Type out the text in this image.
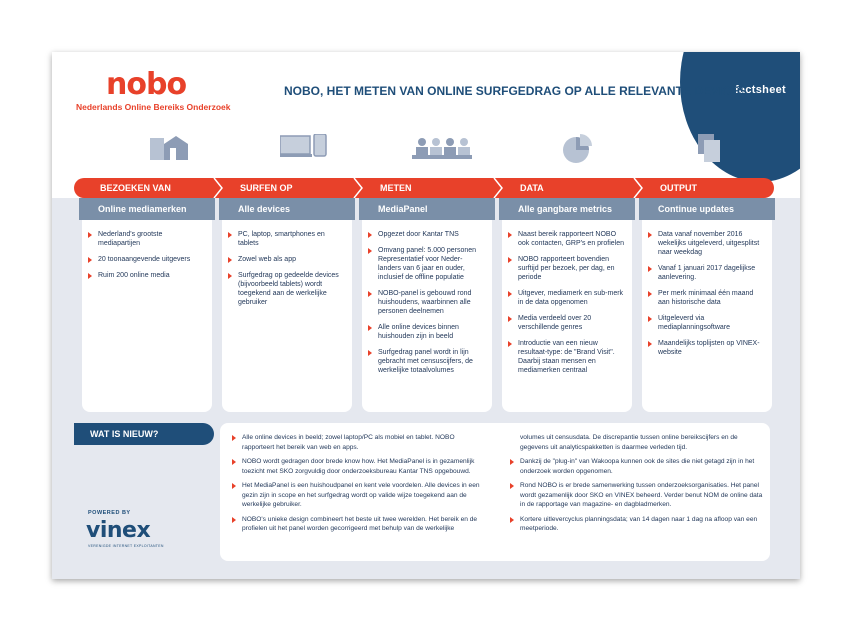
factsheet
nobo
Nederlands Online Bereiks Onderzoek
NOBO, HET METEN VAN ONLINE SURFGEDRAG OP ALLE RELEVANTE DEVICES
BEZOEKEN VAN	SURFEN OP	METEN	DATA	OUTPUT
Online mediamerken
Nederland's grootste mediapartijen
20 toonaangevende uitgevers
Ruim 200 online media
Alle devices
PC, laptop, smartphones en tablets
Zowel web als app
Surfgedrag op gedeelde devices (bijvoorbeeld tablets) wordt toegekend aan de werkelijke gebruiker
MediaPanel
Opgezet door Kantar TNS
Omvang panel: 5.000 personen Representatief voor Neder-landers van 6 jaar en ouder, inclusief de offline populatie
NOBO-panel is gebouwd rond huishoudens, waarbinnen alle personen deelnemen
Alle online devices binnen huishouden zijn in beeld
Surfgedrag panel wordt in lijn gebracht met censuscijfers, de werkelijke totaalvolumes
Alle gangbare metrics
Naast bereik rapporteert NOBO ook contacten, GRP's en profielen
NOBO rapporteert bovendien surftijd per bezoek, per dag, en periode
Uitgever, mediamerk en sub-merk in de data opgenomen
Media verdeeld over 20 verschillende genres
Introductie van een nieuw resultaat-type: de "Brand Visit". Daarbij staan mensen en mediamerken centraal
Continue updates
Data vanaf november 2016 wekelijks uitgeleverd, uitgesplitst naar weekdag
Vanaf 1 januari 2017 dagelijkse aanlevering.
Per merk minimaal één maand aan historische data
Uitgeleverd via mediaplanningsoftware
Maandelijks toplijsten op VINEX-website
WAT IS NIEUW?	Alle online devices in beeld; zowel laptop/PC als mobiel en tablet. NOBO rapporteert het bereik van web en apps.
NOBO wordt gedragen door brede know how. Het MediaPanel is in gezamenlijk toezicht met SKO zorgvuldig door onderzoeksbureau Kantar TNS opgebouwd.
Het MediaPanel is een huishoudpanel en kent vele voordelen. Alle devices in een gezin zijn in scope en het surfgedrag wordt op valide wijze toegekend aan de werkelijke gebruiker.
NOBO's unieke design combineert het beste uit twee werelden. Het bereik en de profielen uit het panel worden gecorrigeerd met behulp van de werkelijke
volumes uit censusdata. De discrepantie tussen online bereikscijfers en de gegevens uit analyticspakketten is daarmee verleden tijd.
Dankzij de "plug-in" van Wakoopa kunnen ook de sites die niet getagd zijn in het onderzoek worden opgenomen.
Rond NOBO is er brede samenwerking tussen onderzoeksorganisaties. Het panel wordt gezamenlijk door SKO en VINEX beheerd. Verder benut NOM de online data in de rapportage van magazine- en dagbladmerken.
Kortere uitlevercyclus planningsdata; van 14 dagen naar 1 dag na afloop van een meetperiode.
POWERED BY
vinex
VERENIGDE INTERNET EXPLOITANTEN
